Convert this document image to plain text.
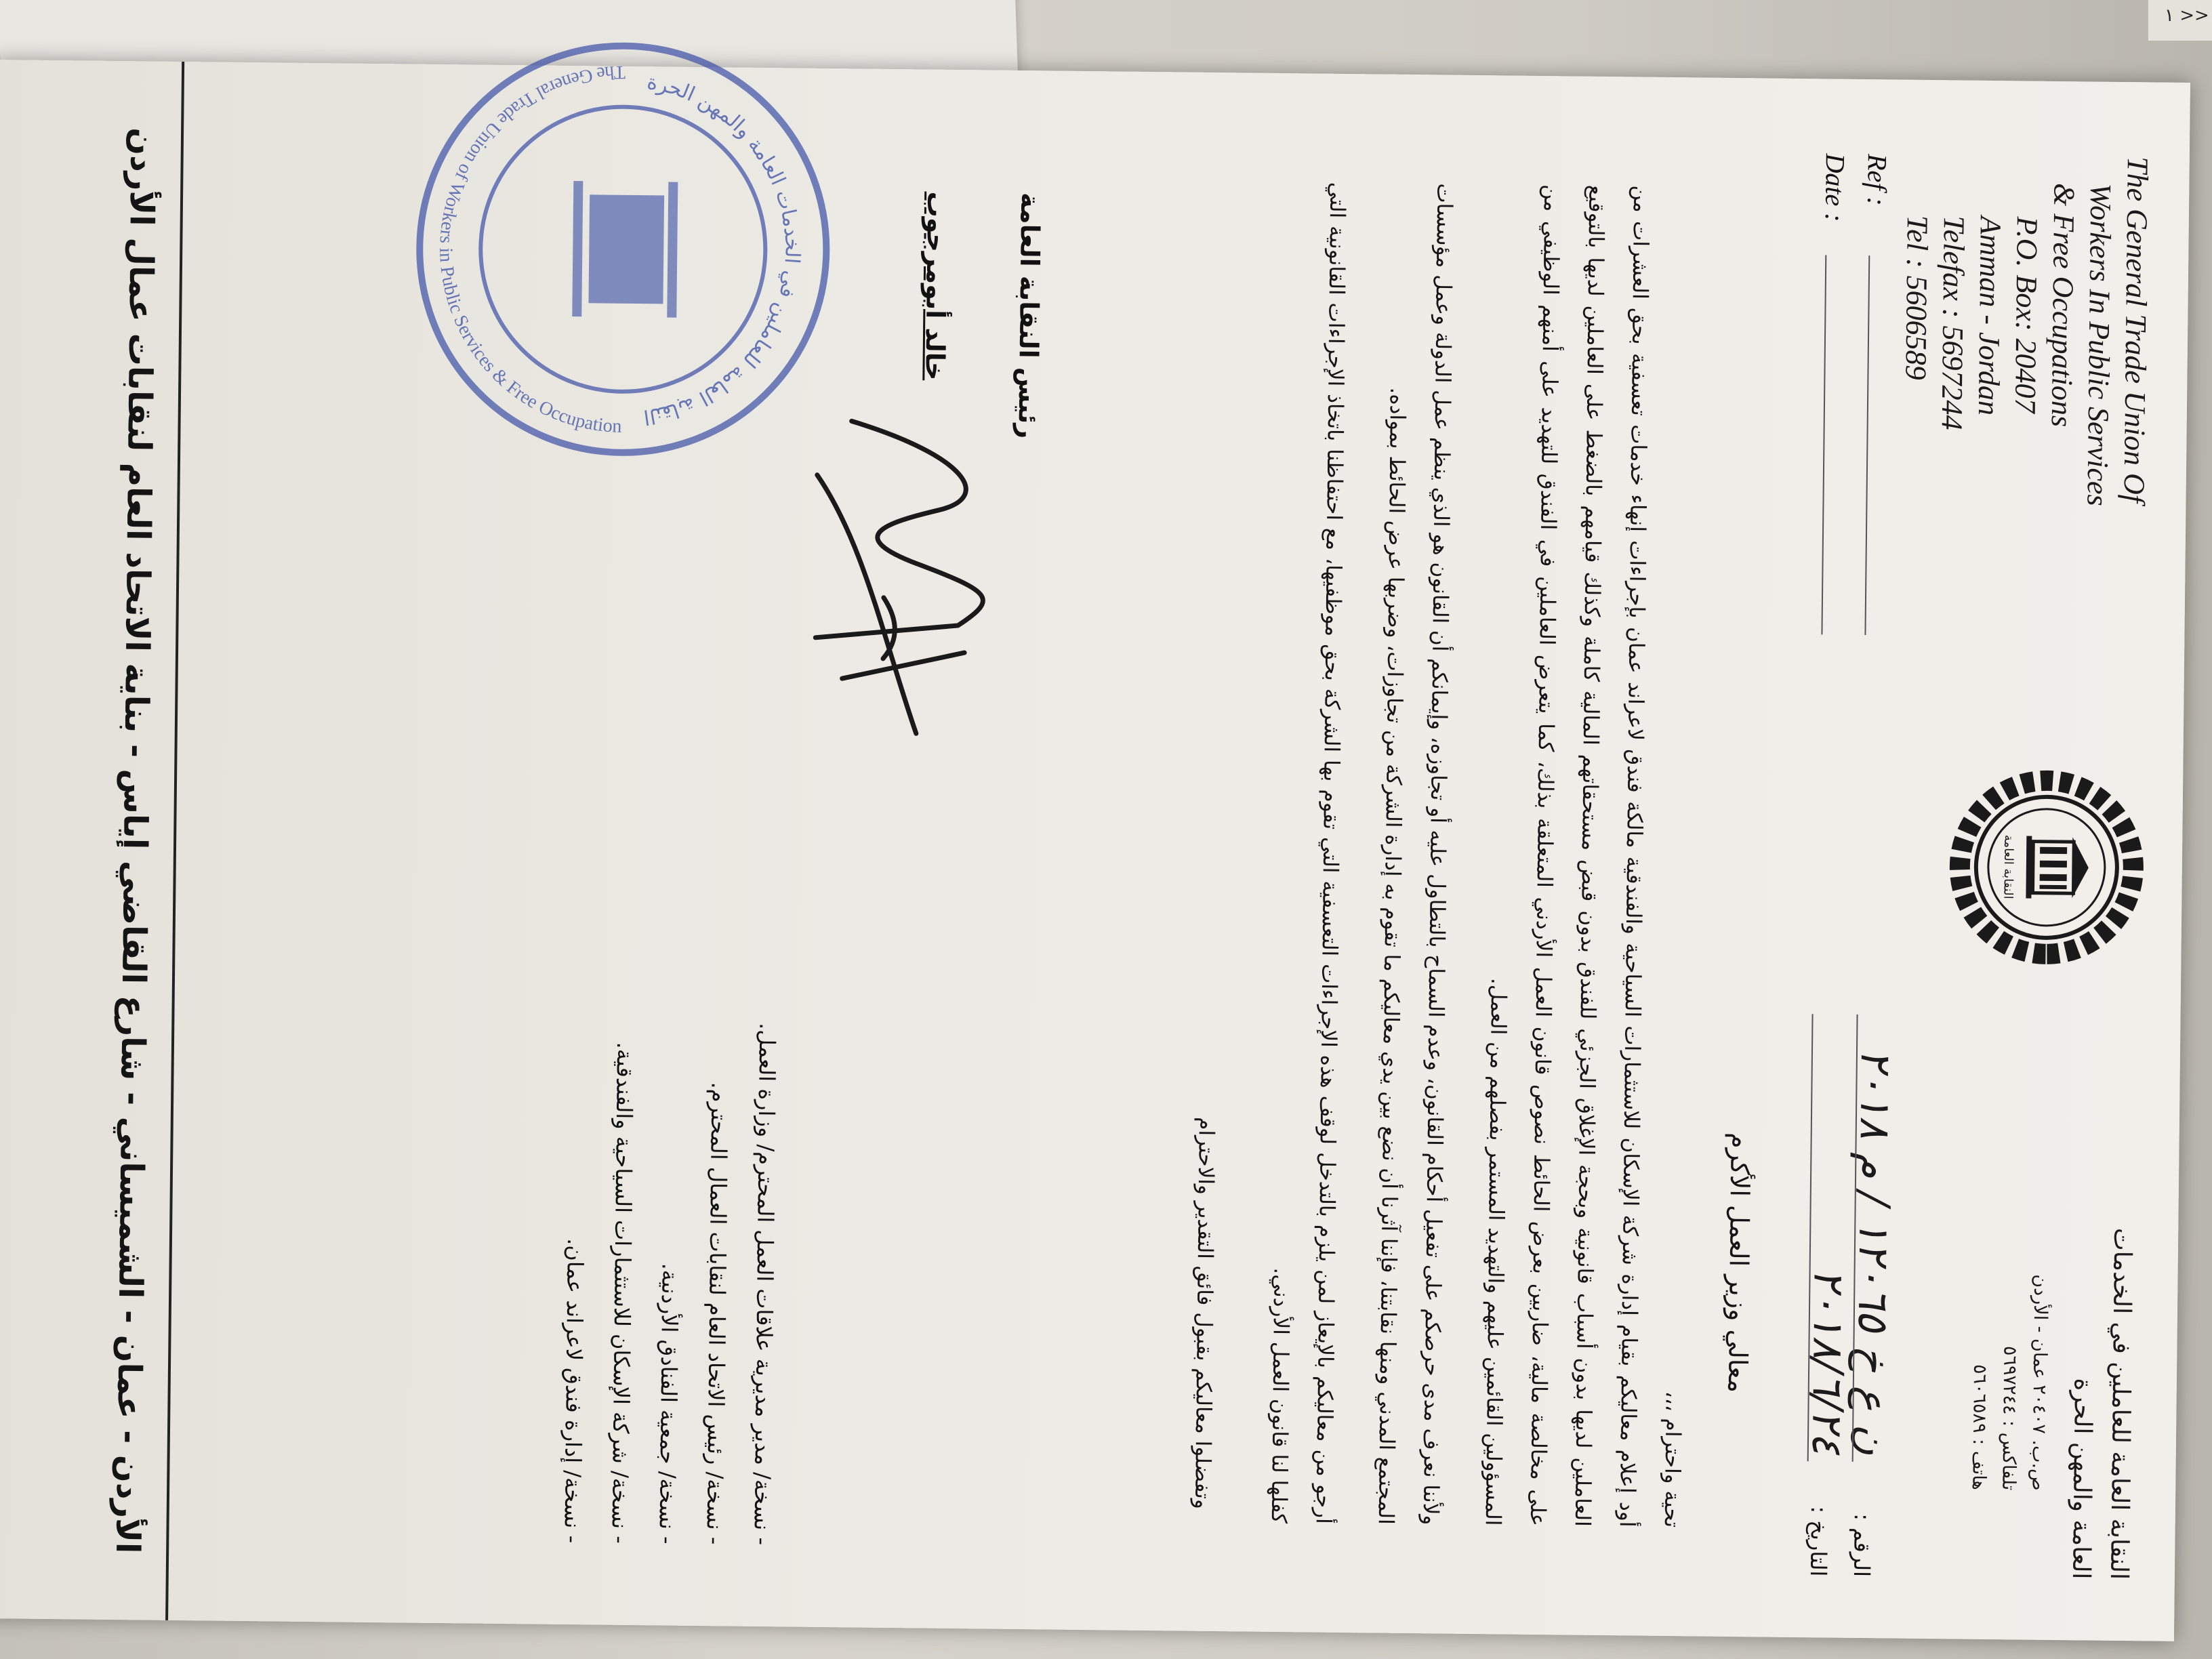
١ >>
The General Trade Union Of
Workers In Public Services
& Free Occupations
P.O. Box: 20407
Amman - Jordan
Telefax : 5697244
Tel : 5606589
النقابة العامة
النقابة العامة للعاملين في الخدمات
العامة والمهن الحرة
ص.ب. ٢٠٤٠٧ عمان - الأردن
تلفاكس : ٥٦٩٧٢٤٤
هاتف : ٥٦٠٦٥٨٩
Ref :
Date :
الرقم :
التاريخ :
ن ع خ ١٢٠٦٥ / م ٢٠١٨
٢٠١٨/٦/٢٤
معالي وزير العمل الأكرم
تحية واحترام ،،،

أود إعلام معاليكم بقيام إدارة شركة الإسكان للاستثمارات السياحية والفندقية مالكة فندق لاعراند عمان بإجراءات إنهاء خدمات تعسفية بحق العشرات من العاملين لديها بدون أسباب قانونية وبحجة الإغلاق الجزئي للفندق بدون قبض مستحقاتهم المالية كاملة وكذلك قيامهم بالضغط على العاملين لديها بالتوقيع على مخالصة مالية، ضاربين بعرض الحائط نصوص قانون العمل الأردني المتعلقة بذلك، كما يتعرض العاملين في الفندق للتهديد على أمنهم الوظيفي من المسؤولين القائمين عليهم والتهديد المستمر بفصلهم من العمل.

ولأننا نعرف مدى حرصكم على تفعيل أحكام القانون، وعدم السماح بالتطاول عليه أو تجاوزه، وإيمانكم أن القانون هو الذي ينظم عمل الدولة وعمل مؤسسات المجتمع المدني ومنها نقابتنا، فإننا آثرنا أن نضع بين يدي معاليكم ما تقوم به إدارة الشركة من تجاوزات، وضربها عرض الحائط بمواده.

أرجو من معاليكم بالإيعاز لمن يلزم بالتدخل لوقف هذه الإجراءات التعسفية التي تقوم بها الشركة بحق موظفيها، مع احتفاظنا باتخاذ الإجراءات القانونية التي كفلها لنا قانون العمل الأردني.

وتفضلوا معاليكم بقبول فائق التقدير والاحترام
رئيس النقابة العامة
خالد أبومرجوب
النقابة العامة للعاملين في الخدمات العامة والمهن الحرة
The General Trade Union of Workers in Public Services & Free Occupation
- نسخة/ مدير مديرية علاقات العمل المحترم/ وزارة العمل.
- نسخة/ رئيس الاتحاد العام لنقابات العمال المحترم.
- نسخة/ جمعية الفنادق الأردنية.
- نسخة/ شركة الإسكان للاستثمارات السياحية والفندقية.
- نسخة/ إدارة فندق لاعراند عمان.
الأردن - عمان - الشميساني - شارع القاضي إياس - بناية الاتحاد العام لنقابات عمال الأردن
